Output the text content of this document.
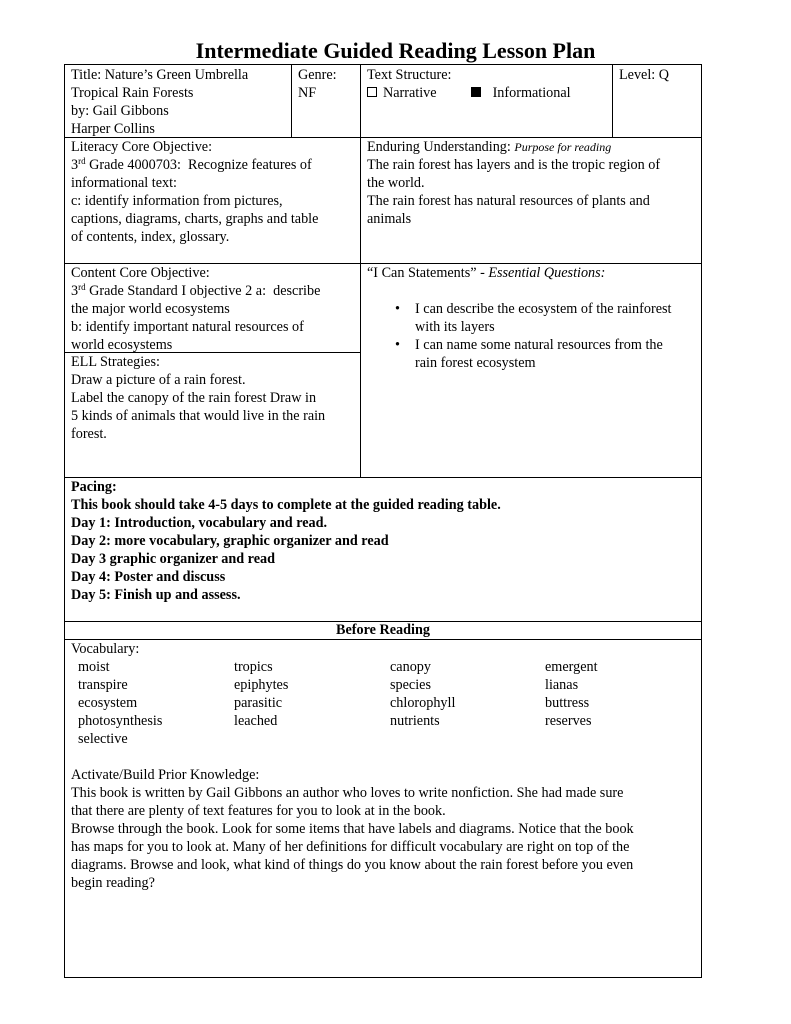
Intermediate Guided Reading Lesson Plan
Title: Nature’s Green Umbrella
Tropical Rain Forests
by: Gail Gibbons
Harper Collins
Genre:
NF
Text Structure:
Narrative	Informational
Level: Q
Literacy Core Objective:
3rd Grade 4000703:  Recognize features of
informational text:
c: identify information from pictures,
captions, diagrams, charts, graphs and table
of contents, index, glossary.
Enduring Understanding: Purpose for reading
The rain forest has layers and is the tropic region of
the world.
The rain forest has natural resources of plants and
animals
Content Core Objective:
3rd Grade Standard I objective 2 a:  describe
the major world ecosystems
b: identify important natural resources of
world ecosystems
ELL Strategies:
Draw a picture of a rain forest.
Label the canopy of the rain forest Draw in
5 kinds of animals that would live in the rain
forest.
“I Can Statements” - Essential Questions:
• I can describe the ecosystem of the rainforest
with its layers
• I can name some natural resources from the
rain forest ecosystem
Pacing:
This book should take 4-5 days to complete at the guided reading table.
Day 1: Introduction, vocabulary and read.
Day 2: more vocabulary, graphic organizer and read
Day 3 graphic organizer and read
Day 4: Poster and discuss
Day 5: Finish up and assess.
Before Reading
Vocabulary:
moist
transpire
ecosystem
photosynthesis
selective
tropics
epiphytes
parasitic
leached
canopy
species
chlorophyll
nutrients
emergent
lianas
buttress
reserves
Activate/Build Prior Knowledge:
This book is written by Gail Gibbons an author who loves to write nonfiction. She had made sure
that there are plenty of text features for you to look at in the book.
Browse through the book. Look for some items that have labels and diagrams. Notice that the book
has maps for you to look at. Many of her definitions for difficult vocabulary are right on top of the
diagrams. Browse and look, what kind of things do you know about the rain forest before you even
begin reading?
